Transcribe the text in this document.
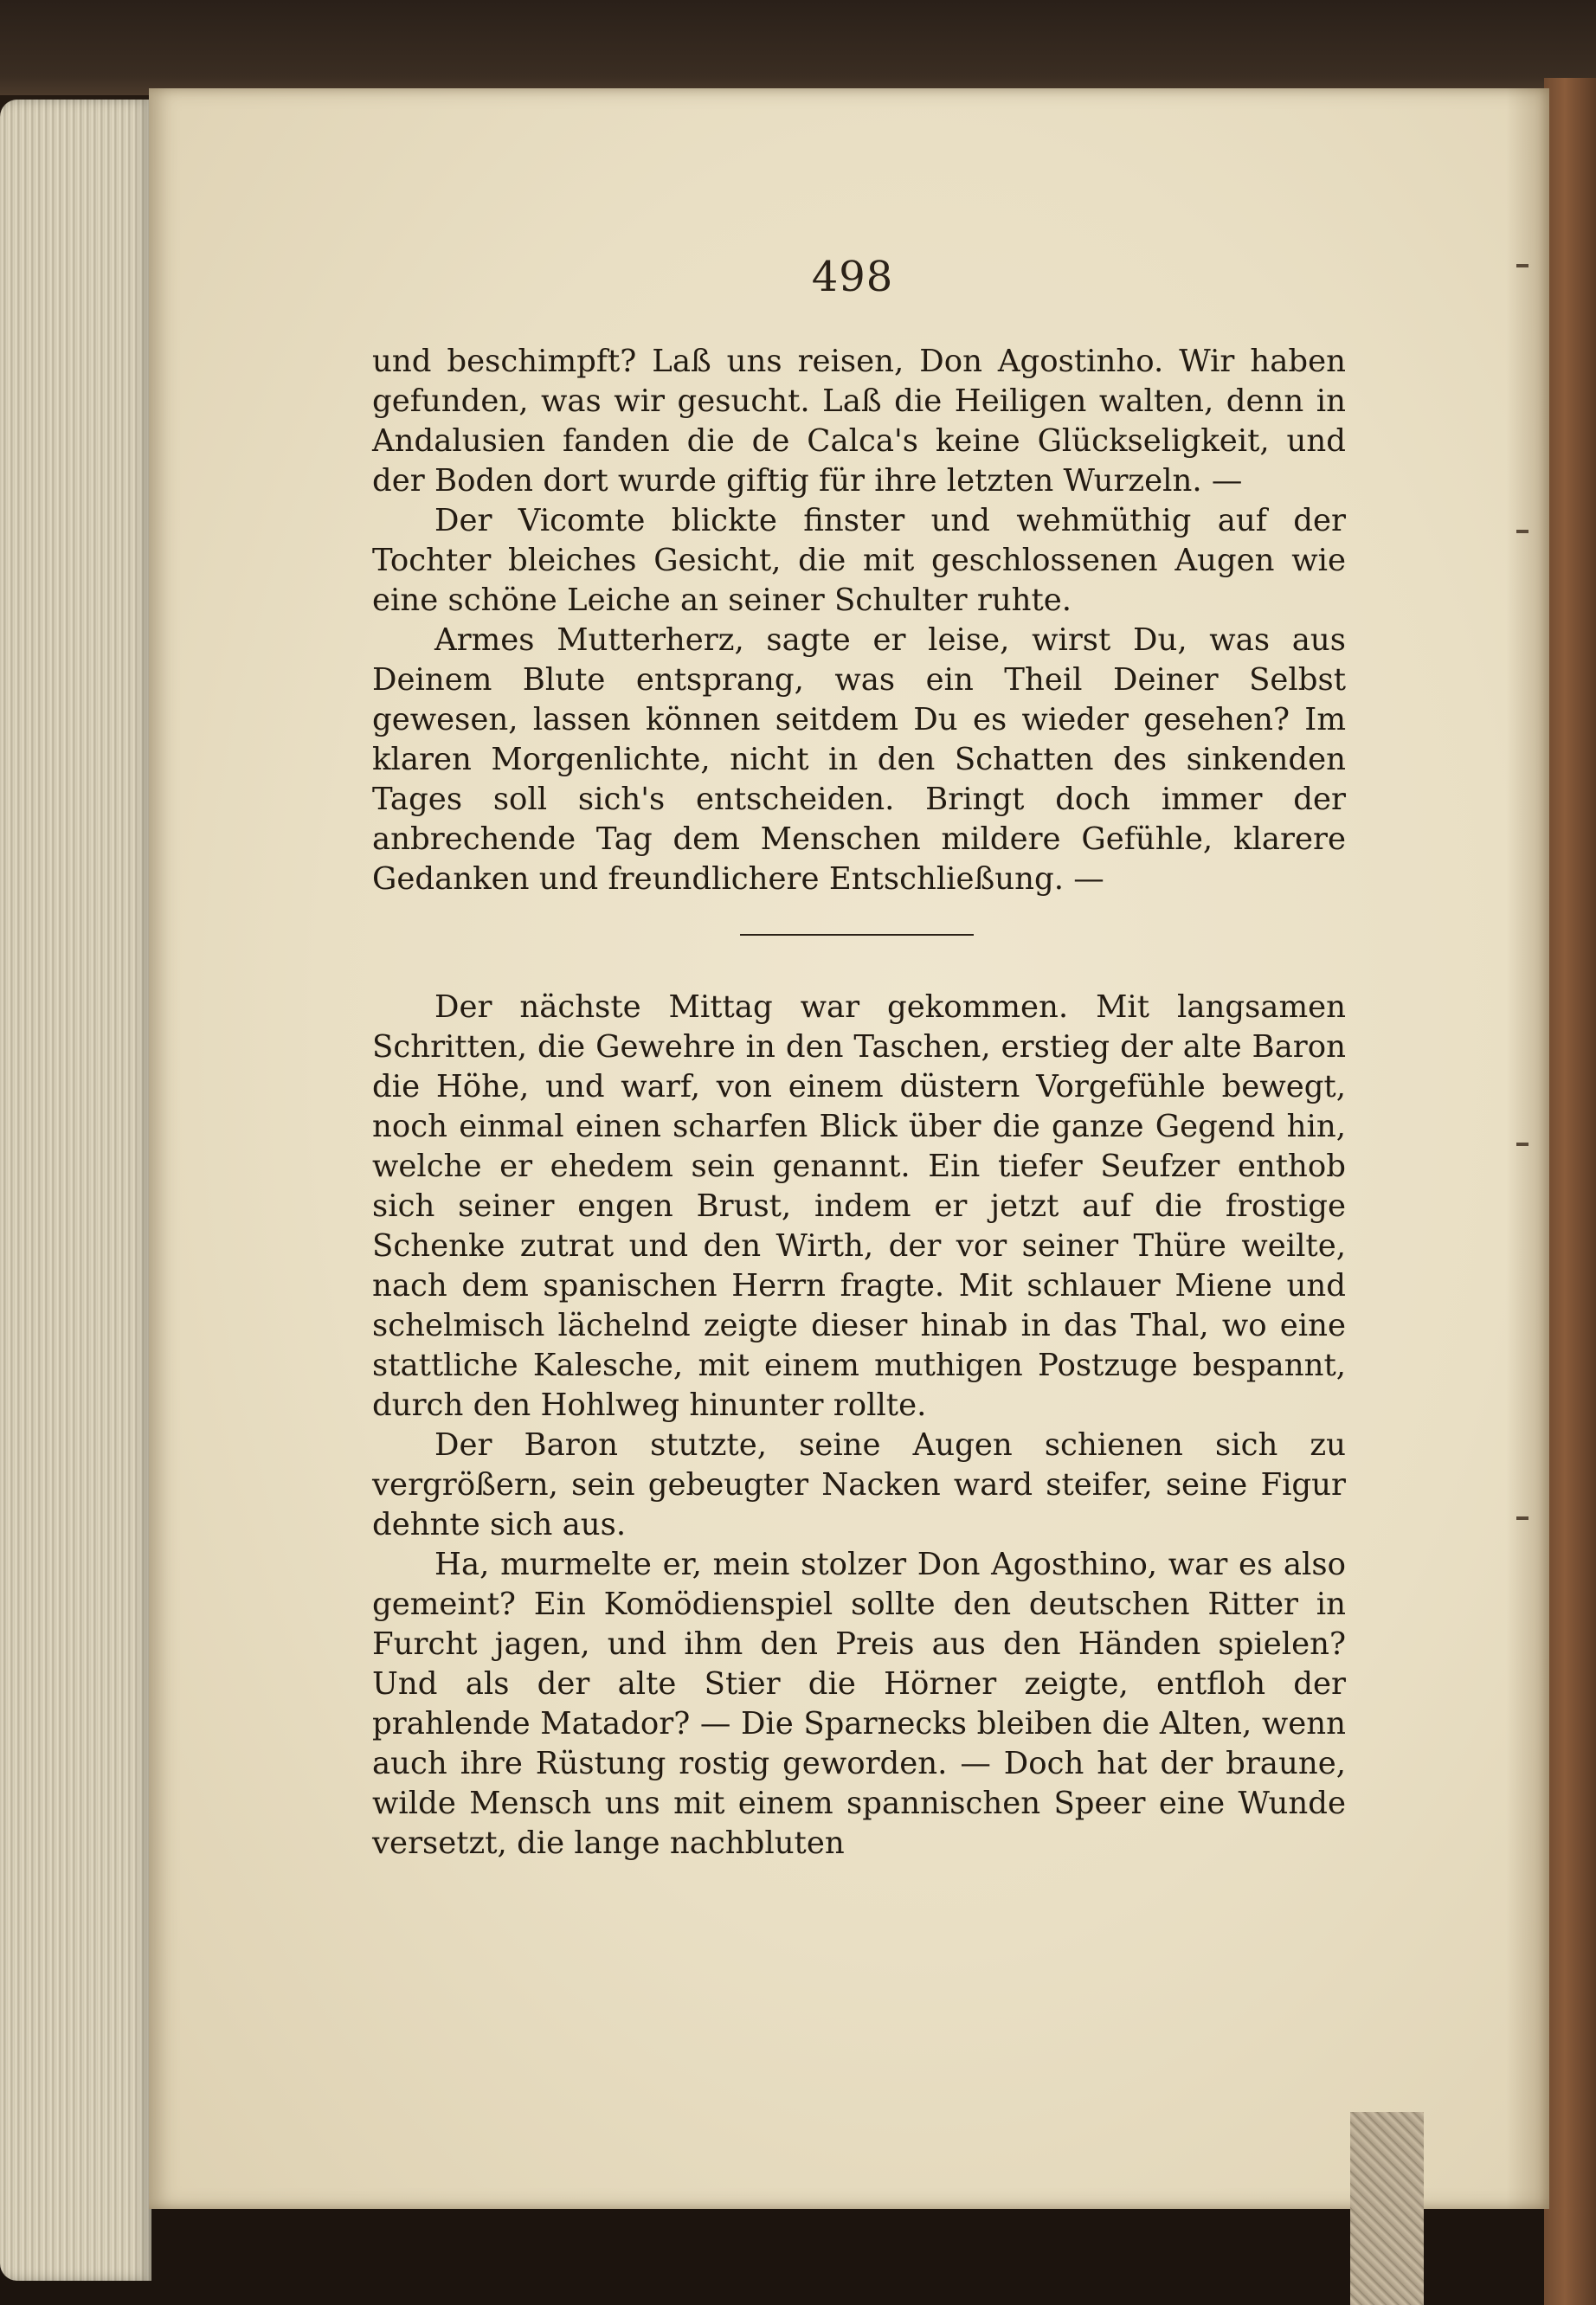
498

und beschimpft? Laß uns reisen, Don Agostinho. Wir haben gefunden, was wir gesucht. Laß die Heiligen walten, denn in Andalusien fanden die de Calca's keine Glückseligkeit, und der Boden dort wurde giftig für ihre letzten Wurzeln. —

Der Vicomte blickte finster und wehmüthig auf der Tochter bleiches Gesicht, die mit geschlossenen Augen wie eine schöne Leiche an seiner Schulter ruhte.

Armes Mutterherz, sagte er leise, wirst Du, was aus Deinem Blute entsprang, was ein Theil Deiner Selbst gewesen, lassen können seitdem Du es wieder gesehen? Im klaren Morgenlichte, nicht in den Schatten des sinkenden Tages soll sich's entscheiden. Bringt doch immer der anbrechende Tag dem Menschen mildere Gefühle, klarere Gedanken und freundlichere Entschließung. —

Der nächste Mittag war gekommen. Mit langsamen Schritten, die Gewehre in den Taschen, erstieg der alte Baron die Höhe, und warf, von einem düstern Vorgefühle bewegt, noch einmal einen scharfen Blick über die ganze Gegend hin, welche er ehedem sein genannt. Ein tiefer Seufzer enthob sich seiner engen Brust, indem er jetzt auf die frostige Schenke zutrat und den Wirth, der vor seiner Thüre weilte, nach dem spanischen Herrn fragte. Mit schlauer Miene und schelmisch lächelnd zeigte dieser hinab in das Thal, wo eine stattliche Kalesche, mit einem muthigen Postzuge bespannt, durch den Hohlweg hinunter rollte.

Der Baron stutzte, seine Augen schienen sich zu vergrößern, sein gebeugter Nacken ward steifer, seine Figur dehnte sich aus.

Ha, murmelte er, mein stolzer Don Agosthino, war es also gemeint? Ein Komödienspiel sollte den deutschen Ritter in Furcht jagen, und ihm den Preis aus den Händen spielen? Und als der alte Stier die Hörner zeigte, entfloh der prahlende Matador? — Die Sparnecks bleiben die Alten, wenn auch ihre Rüstung rostig geworden. — Doch hat der braune, wilde Mensch uns mit einem spannischen Speer eine Wunde versetzt, die lange nachbluten
